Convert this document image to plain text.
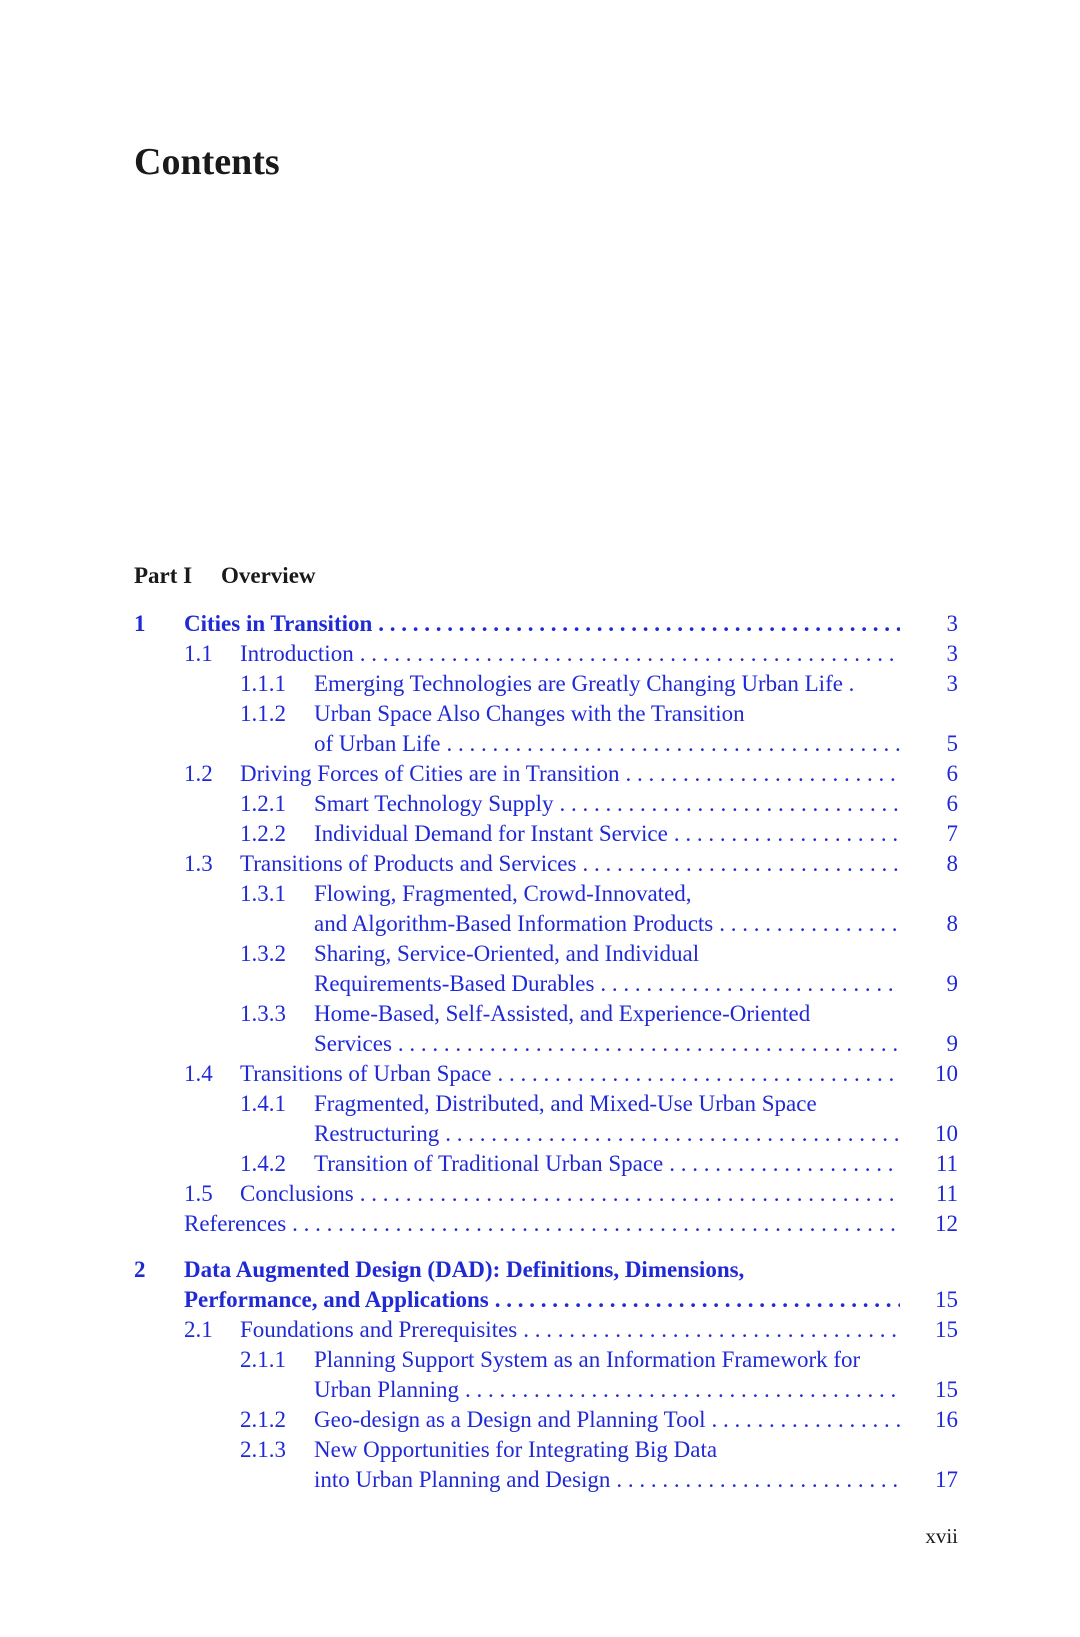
Contents
Part I Overview
1 Cities in Transition . . .	3
1.1 Introduction . . .	3
1.1.1 Emerging Technologies are Greatly Changing Urban Life .	3
1.1.2 Urban Space Also Changes with the Transition
of Urban Life . . .	5
1.2 Driving Forces of Cities are in Transition . . .	6
1.2.1 Smart Technology Supply . . .	6
1.2.2 Individual Demand for Instant Service . . .	7
1.3 Transitions of Products and Services . . .	8
1.3.1 Flowing, Fragmented, Crowd-Innovated,
and Algorithm-Based Information Products . . .	8
1.3.2 Sharing, Service-Oriented, and Individual
Requirements-Based Durables . . .	9
1.3.3 Home-Based, Self-Assisted, and Experience-Oriented
Services . . .	9
1.4 Transitions of Urban Space . . .	10
1.4.1 Fragmented, Distributed, and Mixed-Use Urban Space
Restructuring . . .	10
1.4.2 Transition of Traditional Urban Space . . .	11
1.5 Conclusions . . .	11
References . . .	12
2 Data Augmented Design (DAD): Definitions, Dimensions,
Performance, and Applications . . .	15
2.1 Foundations and Prerequisites . . .	15
2.1.1 Planning Support System as an Information Framework for
Urban Planning . . .	15
2.1.2 Geo-design as a Design and Planning Tool . . .	16
2.1.3 New Opportunities for Integrating Big Data
into Urban Planning and Design . . .	17
xvii
